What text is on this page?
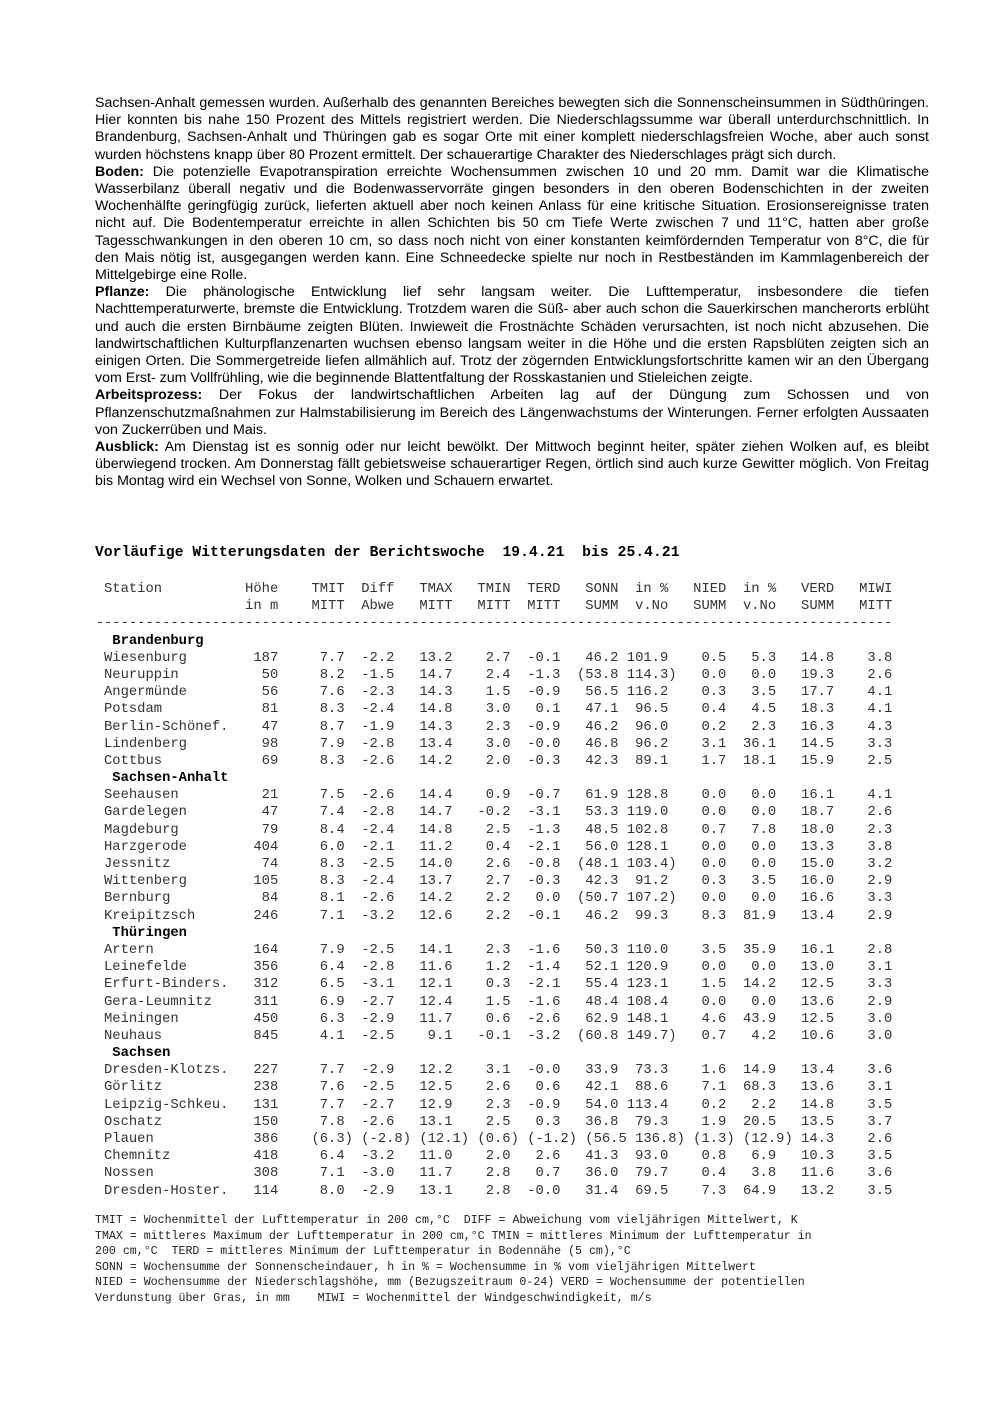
Sachsen-Anhalt gemessen wurden. Außerhalb des genannten Bereiches bewegten sich die Sonnenscheinsummen in Südthüringen. Hier konnten bis nahe 150 Prozent des Mittels registriert werden. Die Niederschlagssumme war überall unterdurchschnittlich. In Brandenburg, Sachsen-Anhalt und Thüringen gab es sogar Orte mit einer komplett niederschlagsfreien Woche, aber auch sonst wurden höchstens knapp über 80 Prozent ermittelt. Der schauerartige Charakter des Niederschlages prägt sich durch.

Boden: Die potenzielle Evapotranspiration erreichte Wochensummen zwischen 10 und 20 mm. Damit war die Klimatische Wasserbilanz überall negativ und die Bodenwasservorräte gingen besonders in den oberen Bodenschichten in der zweiten Wochenhälfte geringfügig zurück, lieferten aktuell aber noch keinen Anlass für eine kritische Situation. Erosionsereignisse traten nicht auf. Die Bodentemperatur erreichte in allen Schichten bis 50 cm Tiefe Werte zwischen 7 und 11°C, hatten aber große Tagesschwankungen in den oberen 10 cm, so dass noch nicht von einer konstanten keimfördernden Temperatur von 8°C, die für den Mais nötig ist, ausgegangen werden kann. Eine Schneedecke spielte nur noch in Restbeständen im Kammlagenbereich der Mittelgebirge eine Rolle.

Pflanze: Die phänologische Entwicklung lief sehr langsam weiter. Die Lufttemperatur, insbesondere die tiefen Nachttemperaturwerte, bremste die Entwicklung. Trotzdem waren die Süß- aber auch schon die Sauerkirschen mancherorts erblüht und auch die ersten Birnbäume zeigten Blüten. Inwieweit die Frostnächte Schäden verursachten, ist noch nicht abzusehen. Die landwirtschaftlichen Kulturpflanzenarten wuchsen ebenso langsam weiter in die Höhe und die ersten Rapsblüten zeigten sich an einigen Orten. Die Sommergetreide liefen allmählich auf. Trotz der zögernden Entwicklungsfortschritte kamen wir an den Übergang vom Erst- zum Vollfrühling, wie die beginnende Blattentfaltung der Rosskastanien und Stieleichen zeigte.

Arbeitsprozess: Der Fokus der landwirtschaftlichen Arbeiten lag auf der Düngung zum Schossen und von Pflanzenschutzmaßnahmen zur Halmstabilisierung im Bereich des Längenwachstums der Winterungen. Ferner erfolgten Aussaaten von Zuckerrüben und Mais.

Ausblick: Am Dienstag ist es sonnig oder nur leicht bewölkt. Der Mittwoch beginnt heiter, später ziehen Wolken auf, es bleibt überwiegend trocken. Am Donnerstag fällt gebietsweise schauerartiger Regen, örtlich sind auch kurze Gewitter möglich. Von Freitag bis Montag wird ein Wechsel von Sonne, Wolken und Schauern erwartet.

Vorläufige Witterungsdaten der Berichtswoche  19.4.21  bis 25.4.21
Station          Höhe    TMIT  Diff   TMAX   TMIN  TERD   SONN  in %   NIED  in %   VERD   MIWI
in m    MITT  Abwe   MITT   MITT  MITT   SUMM  v.No   SUMM  v.No   SUMM   MITT
------------------------------------------------------------------------------------------------
Brandenburg
Wiesenburg        187     7.7  -2.2   13.2    2.7  -0.1   46.2 101.9    0.5   5.3   14.8    3.8
Neuruppin          50     8.2  -1.5   14.7    2.4  -1.3  (53.8 114.3)   0.0   0.0   19.3    2.6
Angermünde         56     7.6  -2.3   14.3    1.5  -0.9   56.5 116.2    0.3   3.5   17.7    4.1
Potsdam            81     8.3  -2.4   14.8    3.0   0.1   47.1  96.5    0.4   4.5   18.3    4.1
Berlin-Schönef.    47     8.7  -1.9   14.3    2.3  -0.9   46.2  96.0    0.2   2.3   16.3    4.3
Lindenberg         98     7.9  -2.8   13.4    3.0  -0.0   46.8  96.2    3.1  36.1   14.5    3.3
Cottbus            69     8.3  -2.6   14.2    2.0  -0.3   42.3  89.1    1.7  18.1   15.9    2.5
Sachsen-Anhalt
Seehausen          21     7.5  -2.6   14.4    0.9  -0.7   61.9 128.8    0.0   0.0   16.1    4.1
Gardelegen         47     7.4  -2.8   14.7   -0.2  -3.1   53.3 119.0    0.0   0.0   18.7    2.6
Magdeburg          79     8.4  -2.4   14.8    2.5  -1.3   48.5 102.8    0.7   7.8   18.0    2.3
Harzgerode        404     6.0  -2.1   11.2    0.4  -2.1   56.0 128.1    0.0   0.0   13.3    3.8
Jessnitz           74     8.3  -2.5   14.0    2.6  -0.8  (48.1 103.4)   0.0   0.0   15.0    3.2
Wittenberg        105     8.3  -2.4   13.7    2.7  -0.3   42.3  91.2    0.3   3.5   16.0    2.9
Bernburg           84     8.1  -2.6   14.2    2.2   0.0  (50.7 107.2)   0.0   0.0   16.6    3.3
Kreipitzsch       246     7.1  -3.2   12.6    2.2  -0.1   46.2  99.3    8.3  81.9   13.4    2.9
Thüringen
Artern            164     7.9  -2.5   14.1    2.3  -1.6   50.3 110.0    3.5  35.9   16.1    2.8
Leinefelde        356     6.4  -2.8   11.6    1.2  -1.4   52.1 120.9    0.0   0.0   13.0    3.1
Erfurt-Binders.   312     6.5  -3.1   12.1    0.3  -2.1   55.4 123.1    1.5  14.2   12.5    3.3
Gera-Leumnitz     311     6.9  -2.7   12.4    1.5  -1.6   48.4 108.4    0.0   0.0   13.6    2.9
Meiningen         450     6.3  -2.9   11.7    0.6  -2.6   62.9 148.1    4.6  43.9   12.5    3.0
Neuhaus           845     4.1  -2.5    9.1   -0.1  -3.2  (60.8 149.7)   0.7   4.2   10.6    3.0
Sachsen
Dresden-Klotzs.   227     7.7  -2.9   12.2    3.1  -0.0   33.9  73.3    1.6  14.9   13.4    3.6
Görlitz           238     7.6  -2.5   12.5    2.6   0.6   42.1  88.6    7.1  68.3   13.6    3.1
Leipzig-Schkeu.   131     7.7  -2.7   12.9    2.3  -0.9   54.0 113.4    0.2   2.2   14.8    3.5
Oschatz           150     7.8  -2.6   13.1    2.5   0.3   36.8  79.3    1.9  20.5   13.5    3.7
Plauen            386    (6.3) (-2.8) (12.1) (0.6) (-1.2) (56.5 136.8) (1.3) (12.9) 14.3    2.6
Chemnitz          418     6.4  -3.2   11.0    2.0   2.6   41.3  93.0    0.8   6.9   10.3    3.5
Nossen            308     7.1  -3.0   11.7    2.8   0.7   36.0  79.7    0.4   3.8   11.6    3.6
Dresden-Hoster.   114     8.0  -2.9   13.1    2.8  -0.0   31.4  69.5    7.3  64.9   13.2    3.5
TMIT = Wochenmittel der Lufttemperatur in 200 cm,°C  DIFF = Abweichung vom vieljährigen Mittelwert, K
TMAX = mittleres Maximum der Lufttemperatur in 200 cm,°C TMIN = mittleres Minimum der Lufttemperatur in
200 cm,°C  TERD = mittleres Minimum der Lufttemperatur in Bodennähe (5 cm),°C
SONN = Wochensumme der Sonnenscheindauer, h in % = Wochensumme in % vom vieljährigen Mittelwert
NIED = Wochensumme der Niederschlagshöhe, mm (Bezugszeitraum 0-24) VERD = Wochensumme der potentiellen
Verdunstung über Gras, in mm    MIWI = Wochenmittel der Windgeschwindigkeit, m/s
